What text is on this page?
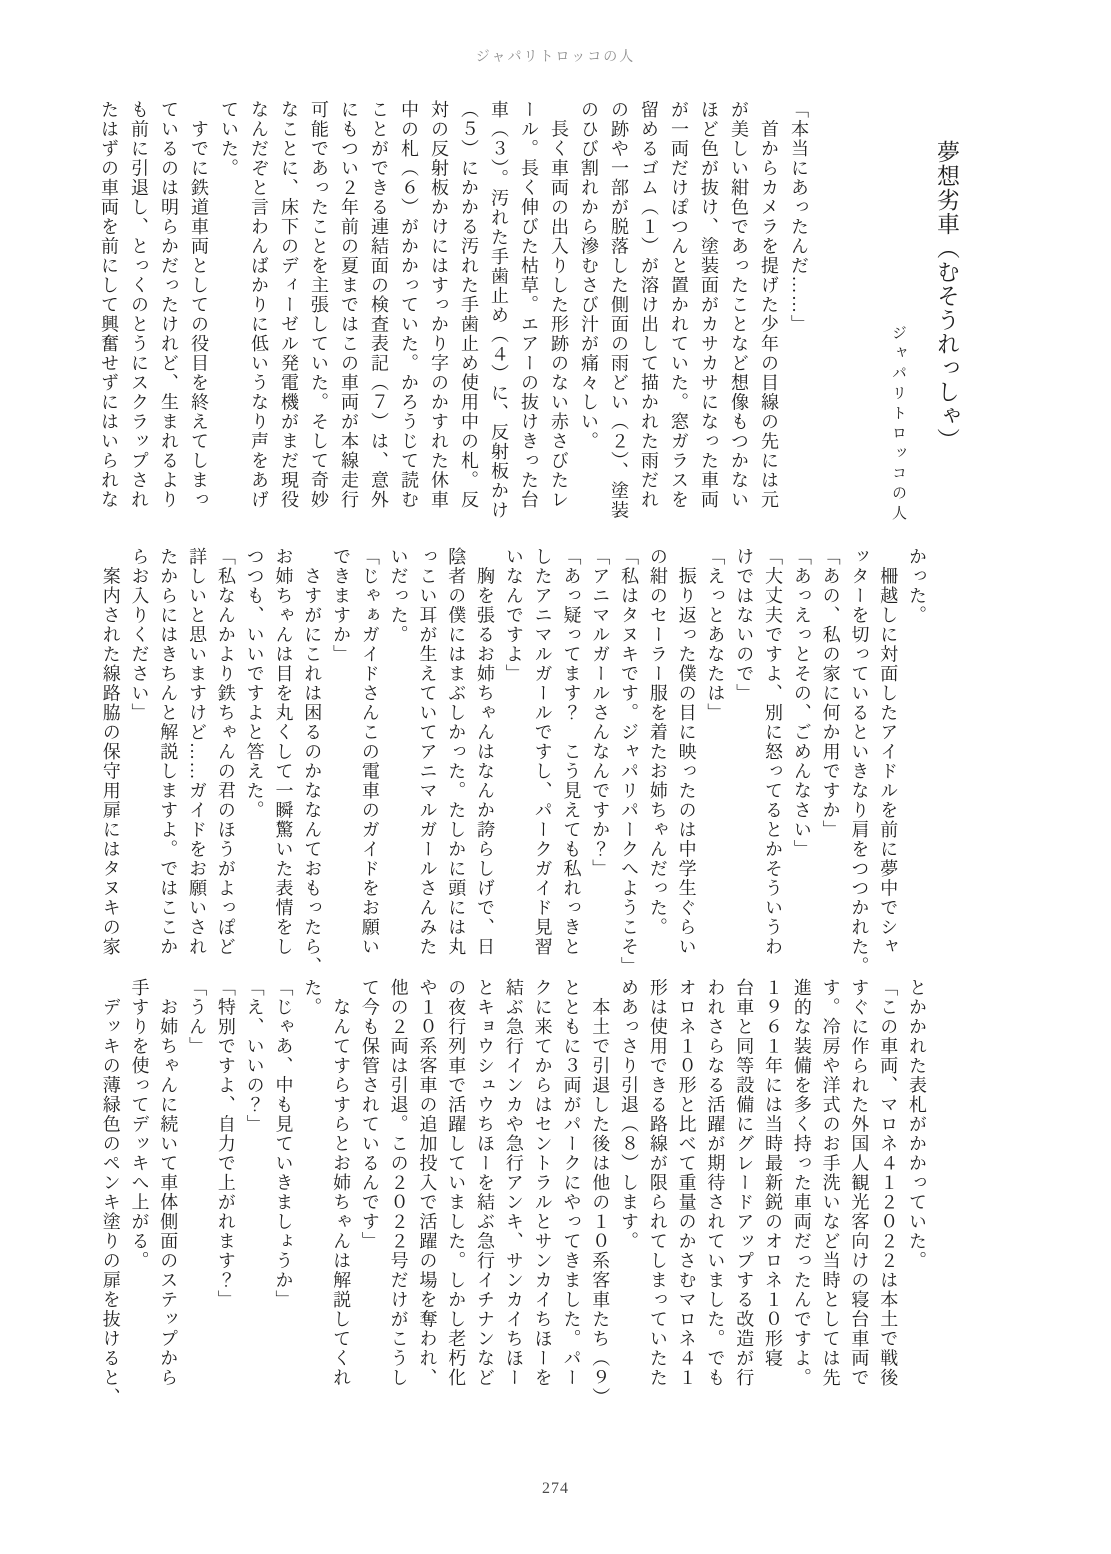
ジャパリトロッコの人
夢想劣車（むそうれっしゃ）
ジャパリトロッコの人
「本当にあったんだ……」
　首からカメラを提げた少年の目線の先には元
が美しい紺色であったことなど想像もつかない
ほど色が抜け、塗装面がカサカサになった車両
が一両だけぽつんと置かれていた。窓ガラスを
留めるゴム（１）が溶け出して描かれた雨だれ
の跡や一部が脱落した側面の雨どい（２）、塗装
のひび割れから滲むさび汁が痛々しい。
　長く車両の出入りした形跡のない赤さびたレ
ール。長く伸びた枯草。エアーの抜けきった台
車（３）。汚れた手歯止め（４）に、反射板かけ
（５）にかかる汚れた手歯止め使用中の札。反
対の反射板かけにはすっかり字のかすれた休車
中の札（６）がかかっていた。かろうじて読む
ことができる連結面の検査表記（７）は、意外
にもつい２年前の夏まではこの車両が本線走行
可能であったことを主張していた。そして奇妙
なことに、床下のディーゼル発電機がまだ現役
なんだぞと言わんばかりに低いうなり声をあげ
ていた。
　すでに鉄道車両としての役目を終えてしまっ
ているのは明らかだったけれど、生まれるより
も前に引退し、とっくのとうにスクラップされ
たはずの車両を前にして興奮せずにはいられな
かった。
　柵越しに対面したアイドルを前に夢中でシャ
ッターを切っているといきなり肩をつつかれた。
「あの、私の家に何か用ですか」
「あっえっとその、ごめんなさい」
「大丈夫ですよ、別に怒ってるとかそういうわ
けではないので」
「えっとあなたは」
　振り返った僕の目に映ったのは中学生ぐらい
の紺のセーラー服を着たお姉ちゃんだった。
「私はタヌキです。ジャパリパークへようこそ」
「アニマルガールさんなんですか？」
「あっ疑ってます？　こう見えても私れっきと
したアニマルガールですし、パークガイド見習
いなんですよ」
　胸を張るお姉ちゃんはなんか誇らしげで、日
陰者の僕にはまぶしかった。たしかに頭には丸
っこい耳が生えていてアニマルガールさんみた
いだった。
「じゃぁガイドさんこの電車のガイドをお願い
できますか」
　さすがにこれは困るのかななんておもったら、
お姉ちゃんは目を丸くして一瞬驚いた表情をし
つつも、いいですよと答えた。
「私なんかより鉄ちゃんの君のほうがよっぽど
詳しいと思いますけど……ガイドをお願いされ
たからにはきちんと解説しますよ。ではここか
らお入りください」
　案内された線路脇の保守用扉にはタヌキの家
とかかれた表札がかかっていた。
「この車両、マロネ４１２０２２は本土で戦後
すぐに作られた外国人観光客向けの寝台車両で
す。冷房や洋式のお手洗いなど当時としては先
進的な装備を多く持った車両だったんですよ。
１９６１年には当時最新鋭のオロネ１０形寝
台車と同等設備にグレードアップする改造が行
われさらなる活躍が期待されていました。でも
オロネ１０形と比べて重量のかさむマロネ４１
形は使用できる路線が限られてしまっていたた
めあっさり引退（８）します。
　本土で引退した後は他の１０系客車たち（９）
とともに３両がパークにやってきました。パー
クに来てからはセントラルとサンカイちほーを
結ぶ急行インカや急行アンキ、サンカイちほー
とキョウシュウちほーを結ぶ急行イチナンなど
の夜行列車で活躍していました。しかし老朽化
や１０系客車の追加投入で活躍の場を奪われ、
他の２両は引退。この２０２２号だけがこうし
て今も保管されているんです」
　なんてすらすらとお姉ちゃんは解説してくれ
た。
「じゃあ、中も見ていきましょうか」
「え、いいの？」
「特別ですよ、自力で上がれます？」
「うん」
　お姉ちゃんに続いて車体側面のステップから
手すりを使ってデッキへ上がる。
　デッキの薄緑色のペンキ塗りの扉を抜けると、
274
